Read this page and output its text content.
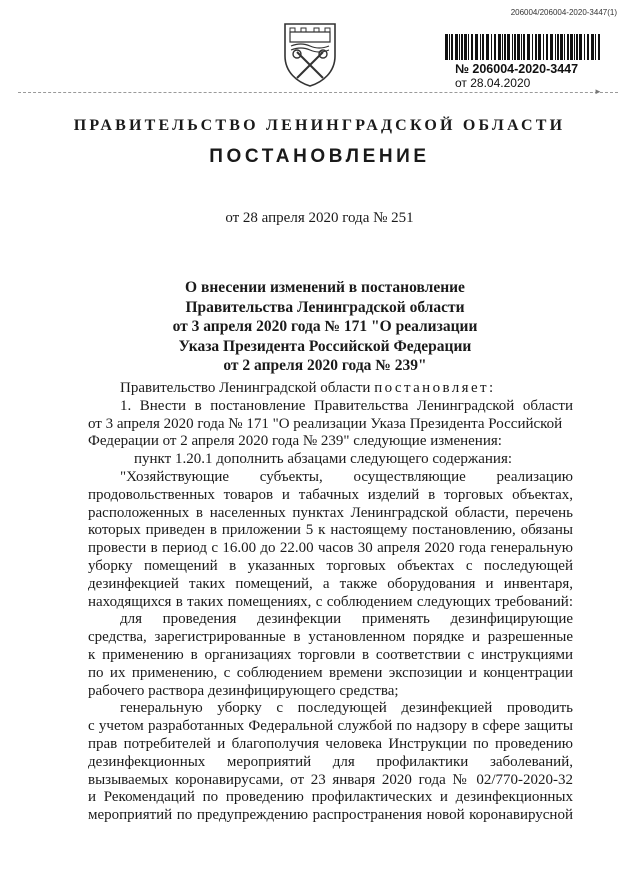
206004/206004-2020-3447(1)
№ 206004-2020-3447
от 28.04.2020
►
ПРАВИТЕЛЬСТВО ЛЕНИНГРАДСКОЙ ОБЛАСТИ
ПОСТАНОВЛЕНИЕ
от 28 апреля 2020 года № 251
О внесении изменений в постановление
Правительства Ленинградской области
от 3 апреля 2020 года № 171 "О реализации
Указа Президента Российской Федерации
от 2 апреля 2020 года № 239"
Правительство Ленинградской области постановляет:
1. Внести в постановление Правительства Ленинградской области
от 3 апреля 2020 года № 171 "О реализации Указа Президента Российской
Федерации от 2 апреля 2020 года № 239" следующие изменения:
пункт 1.20.1 дополнить абзацами следующего содержания:
"Хозяйствующие субъекты, осуществляющие реализацию
продовольственных товаров и табачных изделий в торговых объектах,
расположенных в населенных пунктах Ленинградской области, перечень
которых приведен в приложении 5 к настоящему постановлению, обязаны
провести в период с 16.00 до 22.00 часов 30 апреля 2020 года генеральную
уборку помещений в указанных торговых объектах с последующей
дезинфекцией таких помещений, а также оборудования и инвентаря,
находящихся в таких помещениях, с соблюдением следующих требований:
для проведения дезинфекции применять дезинфицирующие
средства, зарегистрированные в установленном порядке и разрешенные
к применению в организациях торговли в соответствии с инструкциями
по их применению, с соблюдением времени экспозиции и концентрации
рабочего раствора дезинфицирующего средства;
генеральную уборку с последующей дезинфекцией проводить
с учетом разработанных Федеральной службой по надзору в сфере защиты
прав потребителей и благополучия человека Инструкции по проведению
дезинфекционных мероприятий для профилактики заболеваний,
вызываемых коронавирусами, от 23 января 2020 года № 02/770-2020-32
и Рекомендаций по проведению профилактических и дезинфекционных
мероприятий по предупреждению распространения новой коронавирусной
